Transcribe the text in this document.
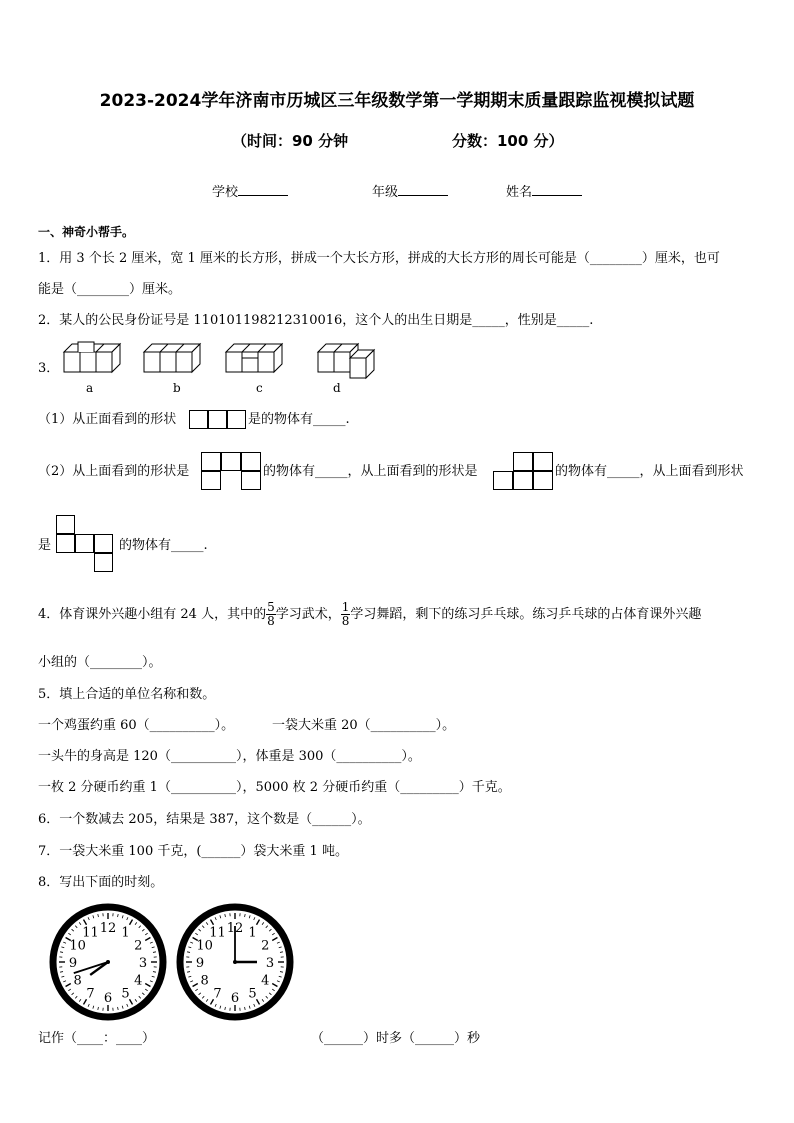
2023-2024学年济南市历城区三年级数学第一学期期末质量跟踪监视模拟试题
（时间：90 分钟	分数：100 分）
学校	年级	姓名
一、神奇小帮手。
1．用 3 个长 2 厘米，宽 1 厘米的长方形，拼成一个大长方形，拼成的大长方形的周长可能是（________）厘米，也可
能是（________）厘米。
2．某人的公民身份证号是 110101198212310016，这个人的出生日期是_____，性别是_____.
3．
a	b	c	d
（1）从正面看到的形状	是的物体有_____.
（2）从上面看到的形状是	的物体有_____，从上面看到的形状是	的物体有_____，从上面看到形状
是	的物体有_____.
4．体育课外兴趣小组有 24 人，其中的 $\frac{5}{8}$ 学习武术， $\frac{1}{8}$ 学习舞蹈，剩下的练习乒乓球。练习乒乓球的占体育课外兴趣
小组的（________）。
5．填上合适的单位名称和数。
一个鸡蛋约重 60（__________）。	一袋大米重 20（__________）。
一头牛的身高是 120（__________），体重是 300（__________）。
一枚 2 分硬币约重 1（__________），5000 枚 2 分硬币约重（_________）千克。
6．一个数减去 205，结果是 387，这个数是（______）。
7．一袋大米重 100 千克，(______）袋大米重 1 吨。
8．写出下面的时刻。
12 1
2
3
4
5
6
7
8
9
10
11	12 1
2
3
4
5
6
7
8
9
10
11
记作（____：____）	（______）时多（______）秒
